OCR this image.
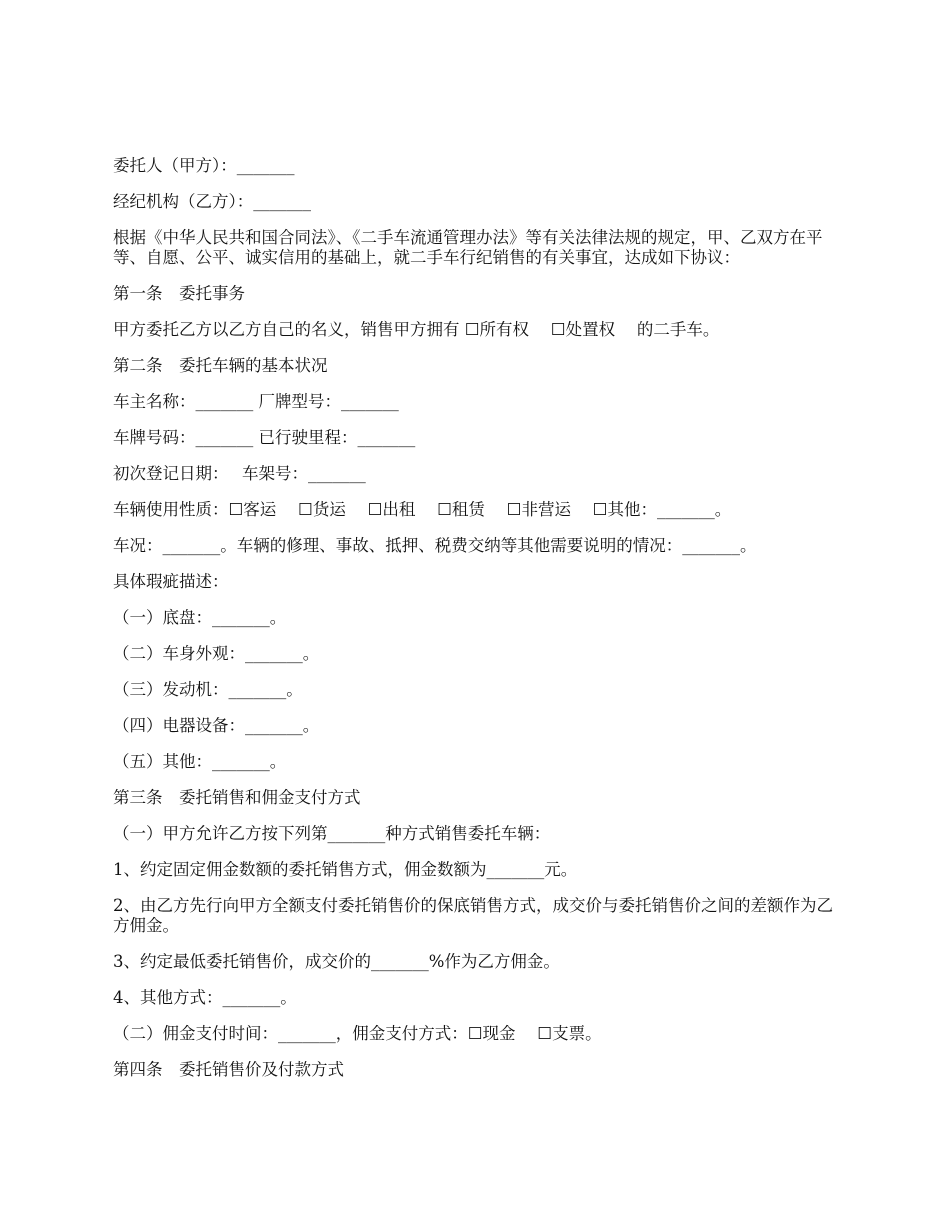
委托人（甲方）：_______

经纪机构（乙方）：_______

根据《中华人民共和国合同法》、《二手车流通管理办法》等有关法律法规的规定，甲、乙双方在平等、自愿、公平、诚实信用的基础上，就二手车行纪销售的有关事宜，达成如下协议：

第一条　委托事务

甲方委托乙方以乙方自己的名义，销售甲方拥有 ☐所有权　 ☐处置权　 的二手车。

第二条　委托车辆的基本状况

车主名称：_______ 厂牌型号：_______

车牌号码：_______ 已行驶里程：_______

初次登记日期：　 车架号：_______

车辆使用性质：☐客运　 ☐货运　 ☐出租　 ☐租赁　 ☐非营运　 ☐其他：_______。

车况：_______。车辆的修理、事故、抵押、税费交纳等其他需要说明的情况：_______。

具体瑕疵描述：

（一）底盘：_______。

（二）车身外观：_______。

（三）发动机：_______。

（四）电器设备：_______。

（五）其他：_______。

第三条　委托销售和佣金支付方式

（一）甲方允许乙方按下列第_______种方式销售委托车辆：

1、约定固定佣金数额的委托销售方式，佣金数额为_______元。

2、由乙方先行向甲方全额支付委托销售价的保底销售方式，成交价与委托销售价之间的差额作为乙方佣金。

3、约定最低委托销售价，成交价的_______%作为乙方佣金。

4、其他方式：_______。

（二）佣金支付时间：_______，佣金支付方式：☐现金　 ☐支票。

第四条　委托销售价及付款方式
